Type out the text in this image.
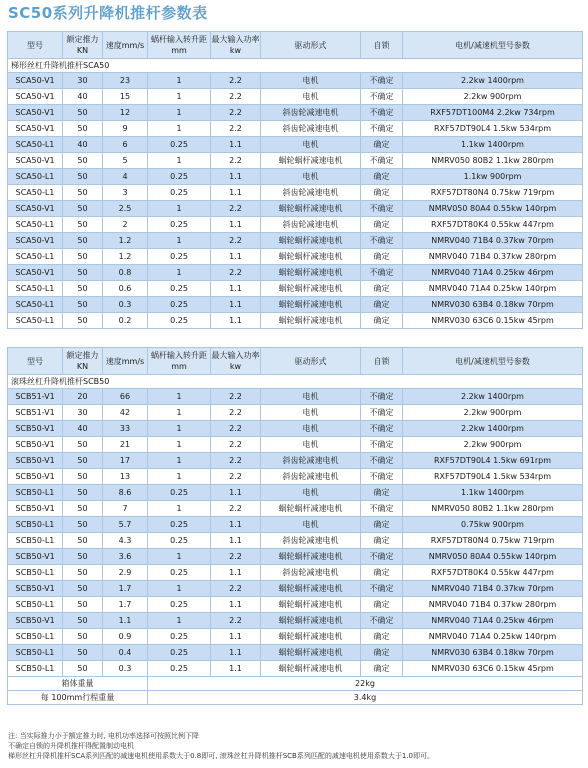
SC50系列升降机推杆参数表
型号	额定推力KN	速度mm/s	蜗杆输入转升距mm	最大输入功率kw	驱动形式	自锁	电机/减速机型号参数
梯形丝杠升降机推杆SCA50							
SCA50-V1	30	23	1	2.2	电机	不确定	2.2kw 1400rpm
SCA50-V1	40	15	1	2.2	电机	不确定	2.2kw 900rpm
SCA50-V1	50	12	1	2.2	斜齿轮减速电机	不确定	RXF57DT100M4 2.2kw 734rpm
SCA50-V1	50	9	1	2.2	斜齿轮减速电机	不确定	RXF57DT90L4 1.5kw 534rpm
SCA50-L1	40	6	0.25	1.1	电机	确定	1.1kw 1400rpm
SCA50-V1	50	5	1	2.2	蜗轮蜗杆减速电机	不确定	NMRV050 80B2 1.1kw 280rpm
SCA50-L1	50	4	0.25	1.1	电机	确定	1.1kw 900rpm
SCA50-L1	50	3	0.25	1.1	斜齿轮减速电机	确定	RXF57DT80N4 0.75kw 719rpm
SCA50-V1	50	2.5	1	2.2	蜗轮蜗杆减速电机	不确定	NMRV050 80A4 0.55kw 140rpm
SCA50-L1	50	2	0.25	1.1	斜齿轮减速电机	确定	RXF57DT80K4 0.55kw 447rpm
SCA50-V1	50	1.2	1	2.2	蜗轮蜗杆减速电机	不确定	NMRV040 71B4 0.37kw 70rpm
SCA50-L1	50	1.2	0.25	1.1	蜗轮蜗杆减速电机	确定	NMRV040 71B4 0.37kw 280rpm
SCA50-V1	50	0.8	1	2.2	蜗轮蜗杆减速电机	不确定	NMRV040 71A4 0.25kw 46rpm
SCA50-L1	50	0.6	0.25	1.1	蜗轮蜗杆减速电机	确定	NMRV040 71A4 0.25kw 140rpm
SCA50-L1	50	0.3	0.25	1.1	蜗轮蜗杆减速电机	确定	NMRV030 63B4 0.18kw 70rpm
SCA50-L1	50	0.2	0.25	1.1	蜗轮蜗杆减速电机	确定	NMRV030 63C6 0.15kw 45rpm
型号	额定推力KN	速度mm/s	蜗杆输入转升距mm	最大输入功率kw	驱动形式	自锁	电机/减速机型号参数
滚珠丝杠升降机推杆SCB50							
SCB51-V1	20	66	1	2.2	电机	不确定	2.2kw 1400rpm
SCB51-V1	30	42	1	2.2	电机	不确定	2.2kw 900rpm
SCB50-V1	40	33	1	2.2	电机	不确定	2.2kw 1400rpm
SCB50-V1	50	21	1	2.2	电机	不确定	2.2kw 900rpm
SCB50-V1	50	17	1	2.2	斜齿轮减速电机	不确定	RXF57DT90L4 1.5kw 691rpm
SCB50-V1	50	13	1	2.2	斜齿轮减速电机	不确定	RXF57DT90L4 1.5kw 534rpm
SCB50-L1	50	8.6	0.25	1.1	电机	确定	1.1kw 1400rpm
SCB50-V1	50	7	1	2.2	蜗轮蜗杆减速电机	不确定	NMRV050 80B2 1.1kw 280rpm
SCB50-L1	50	5.7	0.25	1.1	电机	确定	0.75kw 900rpm
SCB50-L1	50	4.3	0.25	1.1	斜齿轮减速电机	确定	RXF57DT80N4 0.75kw 719rpm
SCB50-V1	50	3.6	1	2.2	蜗轮蜗杆减速电机	不确定	NMRV050 80A4 0.55kw 140rpm
SCB50-L1	50	2.9	0.25	1.1	斜齿轮减速电机	确定	RXF57DT80K4 0.55kw 447rpm
SCB50-V1	50	1.7	1	2.2	蜗轮蜗杆减速电机	不确定	NMRV040 71B4 0.37kw 70rpm
SCB50-L1	50	1.7	0.25	1.1	蜗轮蜗杆减速电机	确定	NMRV040 71B4 0.37kw 280rpm
SCB50-V1	50	1.1	1	2.2	蜗轮蜗杆减速电机	不确定	NMRV040 71A4 0.25kw 46rpm
SCB50-L1	50	0.9	0.25	1.1	蜗轮蜗杆减速电机	确定	NMRV040 71A4 0.25kw 140rpm
SCB50-L1	50	0.4	0.25	1.1	蜗轮蜗杆减速电机	确定	NMRV030 63B4 0.18kw 70rpm
SCB50-L1	50	0.3	0.25	1.1	蜗轮蜗杆减速电机	确定	NMRV030 63C6 0.15kw 45rpm
箱体重量			22kg				
每 100mm行程重量			3.4kg				
注: 当实际推力小于额定推力时, 电机功率选择可按照比例下降
不确定自锁的升降机推杆得配置制动电机
梯形丝杠升降机推杆SCA系列匹配的减速电机使用系数大于0.8即可, 滚珠丝杠升降机推杆SCB系列匹配的减速电机使用系数大于1.0即可。
